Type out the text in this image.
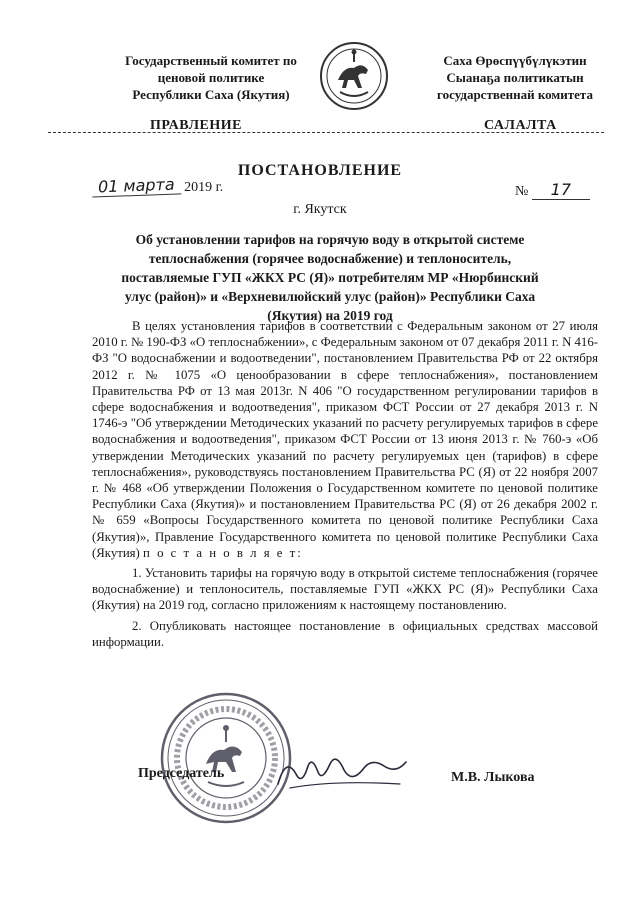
Государственный комитет по
ценовой политике
Республики Саха (Якутия)
Саха Өрөспүүбүлүкэтин
Сыанаҕа политикатын
государственнай комитета
ПРАВЛЕНИЕ	САЛАЛТА
ПОСТАНОВЛЕНИЕ
01 марта 2019 г.	№ 17
г. Якутск
Об установлении тарифов на горячую воду в открытой системе теплоснабжения (горячее водоснабжение) и теплоноситель, поставляемые ГУП «ЖКХ РС (Я)» потребителям МР «Нюрбинский улус (район)» и «Верхневилюйский улус (район)» Республики Саха (Якутия) на 2019 год

В целях установления тарифов в соответствии с Федеральным законом от 27 июля 2010 г. № 190-ФЗ «О теплоснабжении», с Федеральным законом от 07 декабря 2011 г. N 416-ФЗ "О водоснабжении и водоотведении", постановлением Правительства РФ от 22 октября 2012 г. № 1075 «О ценообразовании в сфере теплоснабжения», постановлением Правительства РФ от 13 мая 2013г. N 406 "О государственном регулировании тарифов в сфере водоснабжения и водоотведения", приказом ФСТ России от 27 декабря 2013 г. N 1746-э "Об утверждении Методических указаний по расчету регулируемых тарифов в сфере водоснабжения и водоотведения", приказом ФСТ России от 13 июня 2013 г. № 760-э «Об утверждении Методических указаний по расчету регулируемых цен (тарифов) в сфере теплоснабжения», руководствуясь постановлением Правительства РС (Я) от 22 ноября 2007 г. № 468 «Об утверждении Положения о Государственном комитете по ценовой политике Республики Саха (Якутия)» и постановлением Правительства РС (Я) от 26 декабря 2002 г. № 659 «Вопросы Государственного комитета по ценовой политике Республики Саха (Якутия)», Правление Государственного комитета по ценовой политике Республики Саха (Якутия) п о с т а н о в л я е т:

1. Установить тарифы на горячую воду в открытой системе теплоснабжения (горячее водоснабжение) и теплоноситель, поставляемые ГУП «ЖКХ РС (Я)» Республики Саха (Якутия) на 2019 год, согласно приложениям к настоящему постановлению.

2. Опубликовать настоящее постановление в официальных средствах массовой информации.

Председатель	М.В. Лыкова
